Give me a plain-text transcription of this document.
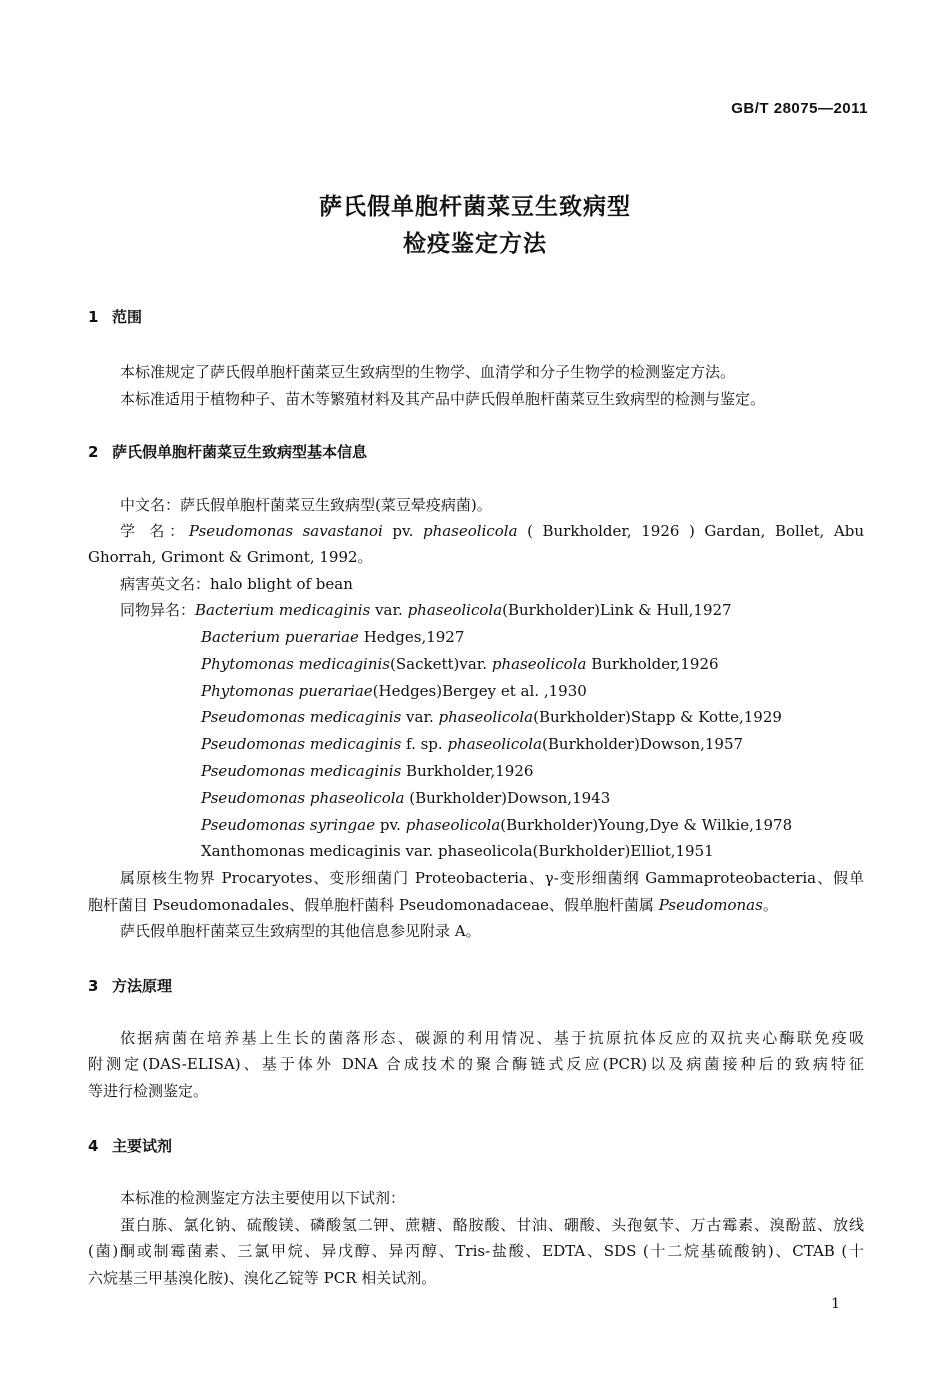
GB/T 28075—2011
萨氏假单胞杆菌菜豆生致病型
检疫鉴定方法
1 范围
本标准规定了萨氏假单胞杆菌菜豆生致病型的生物学、血清学和分子生物学的检测鉴定方法。
本标准适用于植物种子、苗木等繁殖材料及其产品中萨氏假单胞杆菌菜豆生致病型的检测与鉴定。
2 萨氏假单胞杆菌菜豆生致病型基本信息
中文名：萨氏假单胞杆菌菜豆生致病型(菜豆晕疫病菌)。
学 名：Pseudomonas savastanoi pv. phaseolicola ( Burkholder, 1926 ) Gardan, Bollet, Abu
Ghorrah, Grimont & Grimont, 1992。
病害英文名：halo blight of bean
同物异名：Bacterium medicaginis var. phaseolicola(Burkholder)Link & Hull,1927
Bacterium puerariae Hedges,1927
Phytomonas medicaginis(Sackett)var. phaseolicola Burkholder,1926
Phytomonas puerariae(Hedges)Bergey et al. ,1930
Pseudomonas medicaginis var. phaseolicola(Burkholder)Stapp & Kotte,1929
Pseudomonas medicaginis f. sp. phaseolicola(Burkholder)Dowson,1957
Pseudomonas medicaginis Burkholder,1926
Pseudomonas phaseolicola (Burkholder)Dowson,1943
Pseudomonas syringae pv. phaseolicola(Burkholder)Young,Dye & Wilkie,1978
Xanthomonas medicaginis var. phaseolicola(Burkholder)Elliot,1951
属原核生物界 Procaryotes、变形细菌门 Proteobacteria、γ-变形细菌纲 Gammaproteobacteria、假单
胞杆菌目 Pseudomonadales、假单胞杆菌科 Pseudomonadaceae、假单胞杆菌属 Pseudomonas。
萨氏假单胞杆菌菜豆生致病型的其他信息参见附录 A。
3 方法原理
依据病菌在培养基上生长的菌落形态、碳源的利用情况、基于抗原抗体反应的双抗夹心酶联免疫吸
附测定(DAS-ELISA)、基于体外 DNA 合成技术的聚合酶链式反应(PCR)以及病菌接种后的致病特征
等进行检测鉴定。
4 主要试剂
本标准的检测鉴定方法主要使用以下试剂：
蛋白胨、氯化钠、硫酸镁、磷酸氢二钾、蔗糖、酪胺酸、甘油、硼酸、头孢氨苄、万古霉素、溴酚蓝、放线
(菌)酮或制霉菌素、三氯甲烷、异戊醇、异丙醇、Tris-盐酸、EDTA、SDS (十二烷基硫酸钠)、CTAB (十
六烷基三甲基溴化胺)、溴化乙锭等 PCR 相关试剂。
1
